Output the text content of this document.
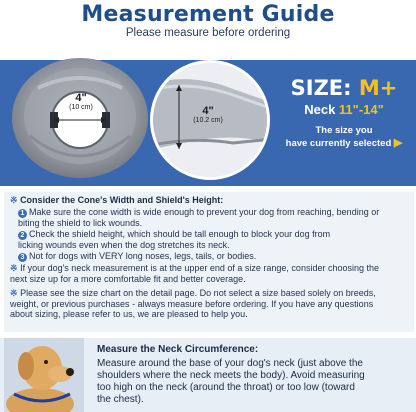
Measurement Guide
Please measure before ordering
4"
(10 cm)	4"
(10.2 cm)
SIZE: M+
Neck 11"-14"
The size you
have currently selected ▶

※ Consider the Cone's Width and Shield's Height:

1 Make sure the cone width is wide enough to prevent your dog from reaching, bending or
biting the shield to lick wounds.

2 Check the shield height, which should be tall enough to block your dog from
licking wounds even when the dog stretches its neck.

3 Not for dogs with VERY long noses, legs, tails, or bodies.

※ If your dog's neck measurement is at the upper end of a size range, consider choosing the
next size up for a more comfortable fit and better coverage.

※ Please see the size chart on the detail page. Do not select a size based solely on breeds,
weight, or previous purchases - always measure before ordering. If you have any questions
about sizing, please refer to us, we are pleased to help you.

Measure the Neck Circumference:
Measure around the base of your dog's neck (just above the
shoulders where the neck meets the body). Avoid measuring
too high on the neck (around the throat) or too low (toward
the chest).
